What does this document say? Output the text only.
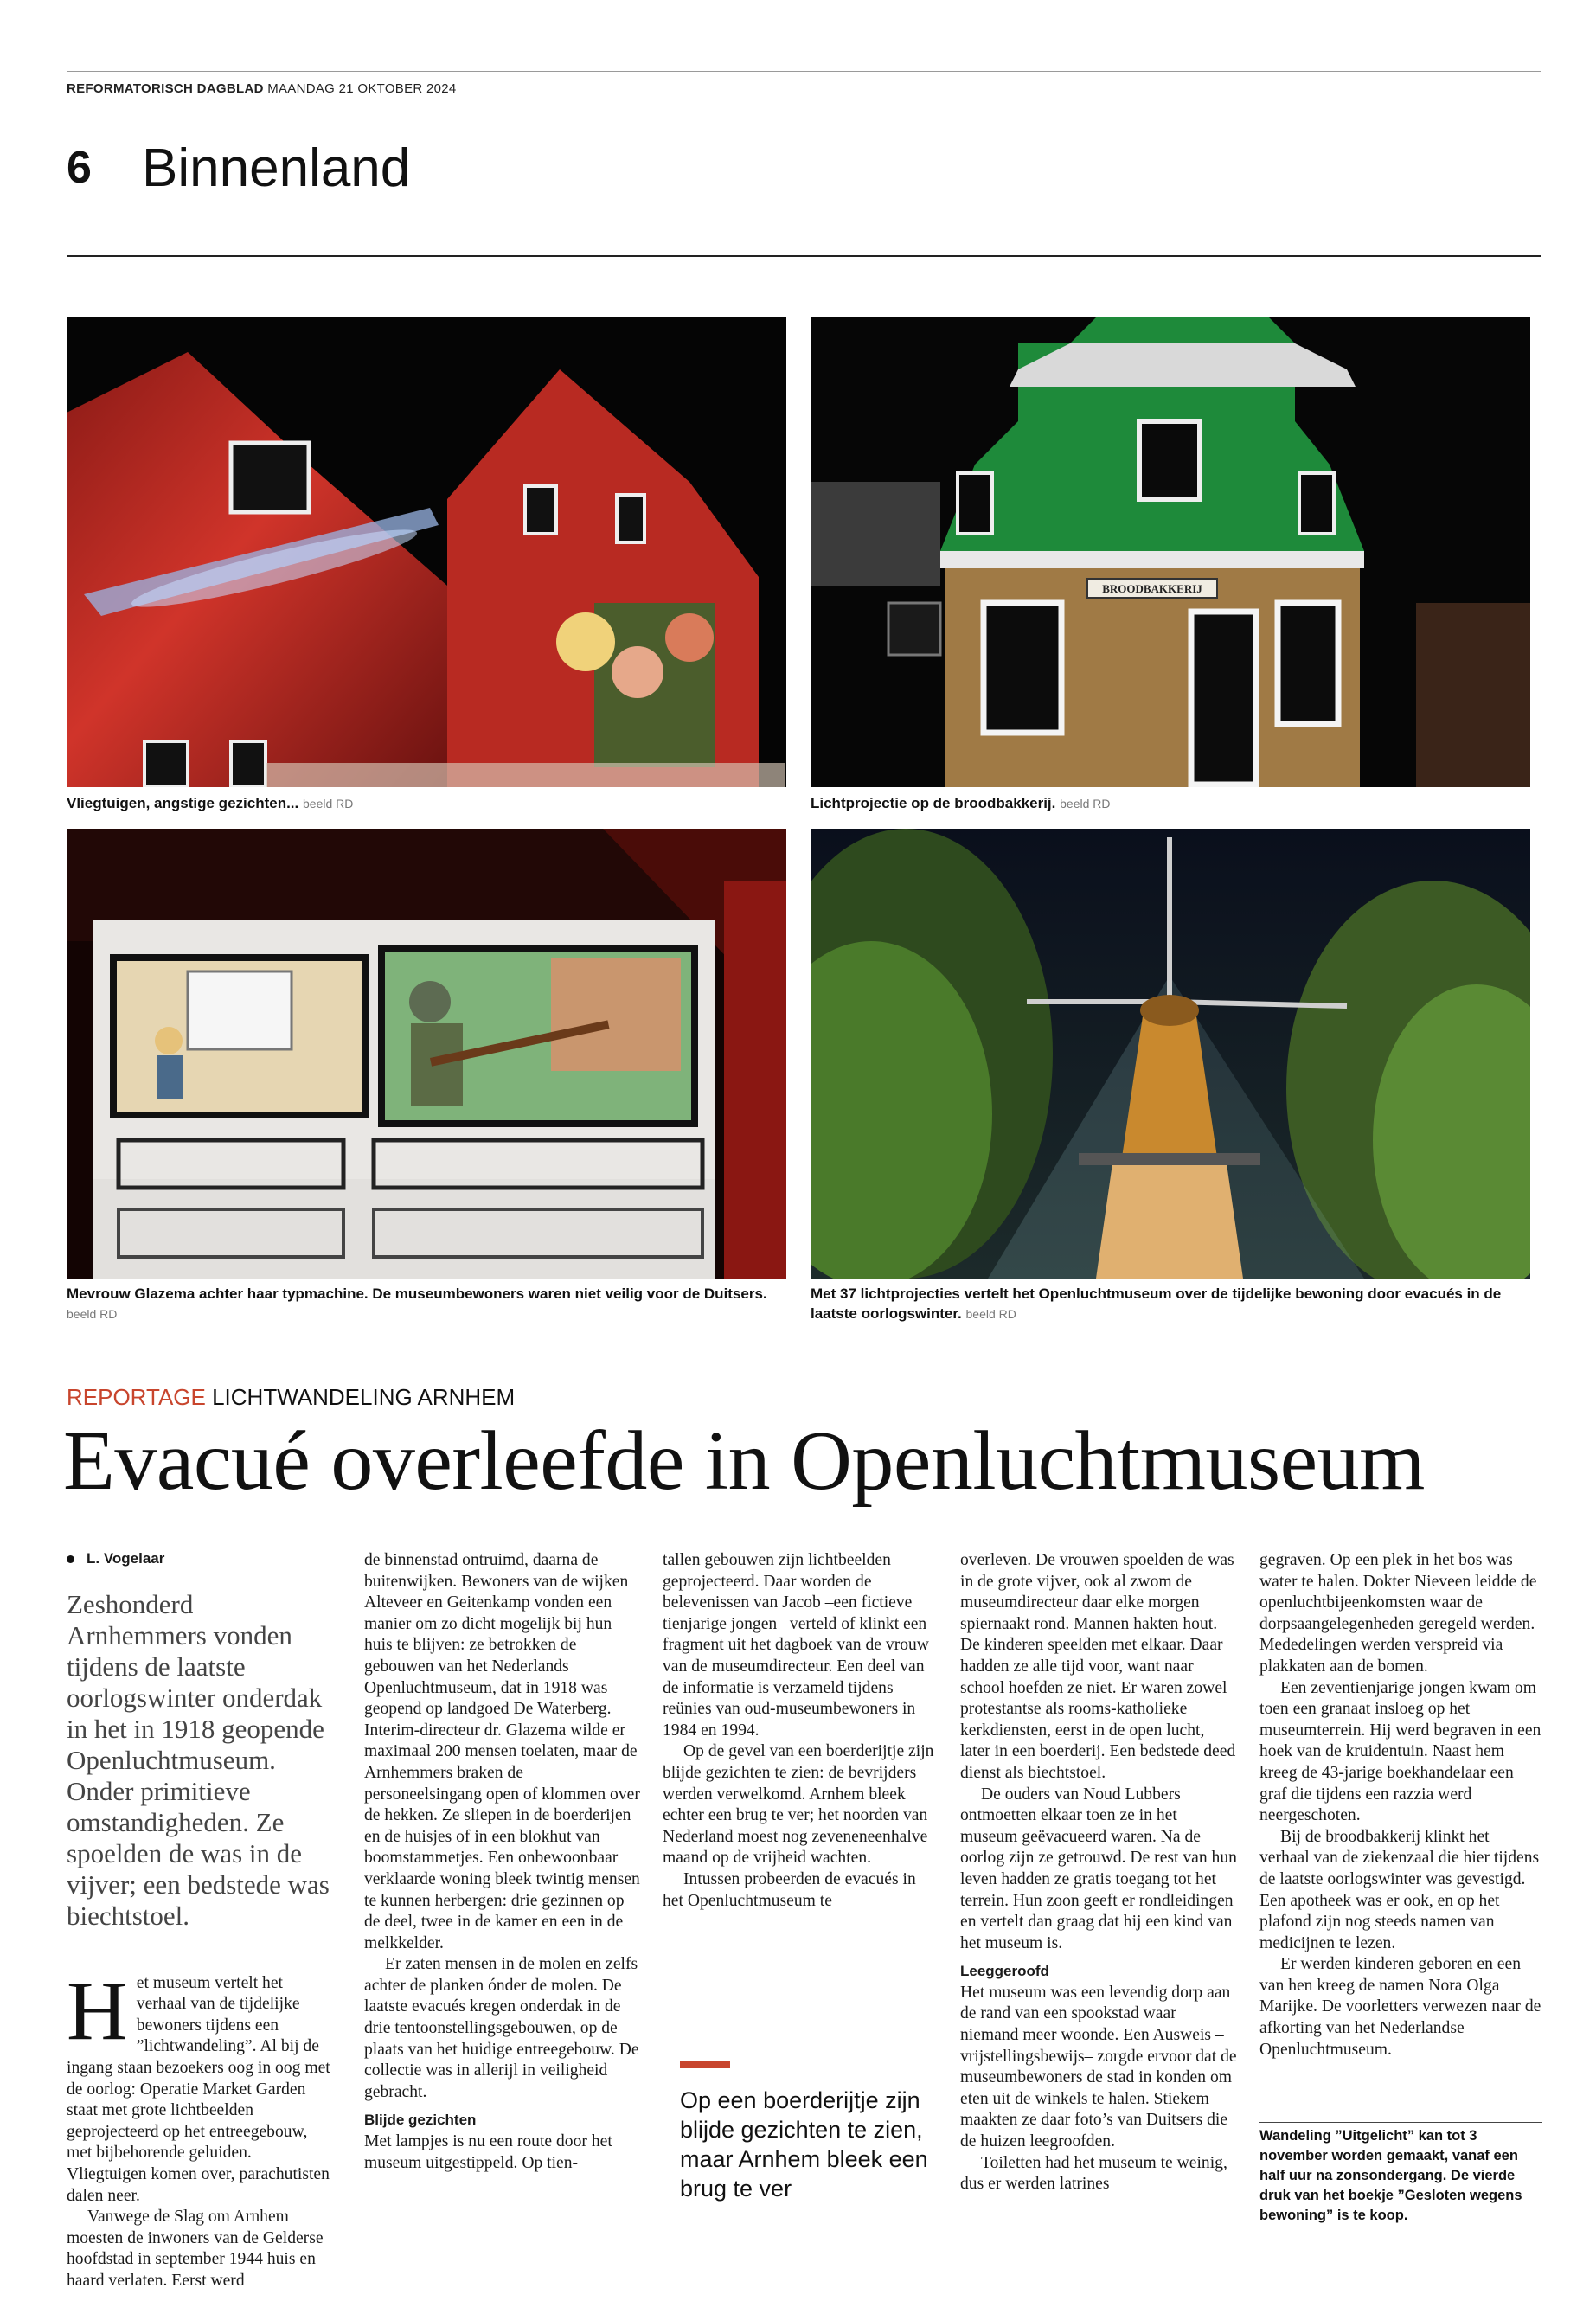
REFORMATORISCH DAGBLAD MAANDAG 21 OKTOBER 2024
6 Binnenland
Vliegtuigen, angstige gezichten... beeld RD
BROODBAKKERIJ
Lichtprojectie op de broodbakkerij. beeld RD
Mevrouw Glazema achter haar typmachine. De museumbewoners waren niet veilig voor de Duitsers. beeld RD
Met 37 lichtprojecties vertelt het Openluchtmuseum over de tijdelijke bewoning door evacués in de laatste oorlogswinter. beeld RD
REPORTAGE LICHTWANDELING ARNHEM
Evacué overleefde in Openluchtmuseum
L. Vogelaar
Zeshonderd Arnhemmers vonden tijdens de laatste oorlogswinter onderdak in het in 1918 geopende Openluchtmuseum. Onder primitieve omstandigheden. Ze spoelden de was in de vijver; een bedstede was biechtstoel.
H et museum vertelt het verhaal van de tijdelijke bewoners tijdens een ”lichtwandeling”. Al bij de ingang staan bezoekers oog in oog met de oorlog: Operatie Market Garden staat met grote lichtbeelden geprojecteerd op het entreegebouw, met bijbehorende geluiden. Vliegtuigen komen over, parachutisten dalen neer.

Vanwege de Slag om Arnhem moesten de inwoners van de Gelderse hoofdstad in september 1944 huis en haard verlaten. Eerst werd

de binnenstad ontruimd, daarna de buitenwijken. Bewoners van de wijken Alteveer en Geitenkamp vonden een manier om zo dicht mogelijk bij hun huis te blijven: ze betrokken de gebouwen van het Nederlands Openluchtmuseum, dat in 1918 was geopend op landgoed De Waterberg. Interim-directeur dr. Glazema wilde er maximaal 200 mensen toelaten, maar de Arnhemmers braken de personeelsingang open of klommen over de hekken. Ze sliepen in de boerderijen en de huisjes of in een blokhut van boomstammetjes. Een onbewoonbaar verklaarde woning bleek twintig mensen te kunnen herbergen: drie gezinnen op de deel, twee in de kamer en een in de melkkelder.

Er zaten mensen in de molen en zelfs achter de planken ónder de molen. De laatste evacués kregen onderdak in de drie tentoonstellingsgebouwen, op de plaats van het huidige entreegebouw. De collectie was in allerijl in veiligheid gebracht.

Blijde gezichten

Met lampjes is nu een route door het museum uitgestippeld. Op tien-

tallen gebouwen zijn lichtbeelden geprojecteerd. Daar worden de belevenissen van Jacob –een fictieve tienjarige jongen– verteld of klinkt een fragment uit het dagboek van de vrouw van de museumdirecteur. Een deel van de informatie is verzameld tijdens reünies van oud-museumbewoners in 1984 en 1994.

Op de gevel van een boerderijtje zijn blijde gezichten te zien: de bevrijders werden verwelkomd. Arnhem bleek echter een brug te ver; het noorden van Nederland moest nog zeveneneenhalve maand op de vrijheid wachten.

Intussen probeerden de evacués in het Openluchtmuseum te

Op een boerderijtje zijn blijde gezichten te zien, maar Arnhem bleek een brug te ver

overleven. De vrouwen spoelden de was in de grote vijver, ook al zwom de museumdirecteur daar elke morgen spiernaakt rond. Mannen hakten hout. De kinderen speelden met elkaar. Daar hadden ze alle tijd voor, want naar school hoefden ze niet. Er waren zowel protestantse als rooms-katholieke kerkdiensten, eerst in de open lucht, later in een boerderij. Een bedstede deed dienst als biechtstoel.

De ouders van Noud Lubbers ontmoetten elkaar toen ze in het museum geëvacueerd waren. Na de oorlog zijn ze getrouwd. De rest van hun leven hadden ze gratis toegang tot het terrein. Hun zoon geeft er rondleidingen en vertelt dan graag dat hij een kind van het museum is.

Leeggeroofd

Het museum was een levendig dorp aan de rand van een spookstad waar niemand meer woonde. Een Ausweis –vrijstellingsbewijs– zorgde ervoor dat de museumbewoners de stad in konden om eten uit de winkels te halen. Stiekem maakten ze daar foto’s van Duitsers die de huizen leegroofden.

Toiletten had het museum te weinig, dus er werden latrines

gegraven. Op een plek in het bos was water te halen. Dokter Nieveen leidde de openluchtbijeenkomsten waar de dorpsaangelegenheden geregeld werden. Mededelingen werden verspreid via plakkaten aan de bomen.

Een zeventienjarige jongen kwam om toen een granaat insloeg op het museumterrein. Hij werd begraven in een hoek van de kruidentuin. Naast hem kreeg de 43-jarige boekhandelaar een graf die tijdens een razzia werd neergeschoten.

Bij de broodbakkerij klinkt het verhaal van de ziekenzaal die hier tijdens de laatste oorlogswinter was gevestigd. Een apotheek was er ook, en op het plafond zijn nog steeds namen van medicijnen te lezen.

Er werden kinderen geboren en een van hen kreeg de namen Nora Olga Marijke. De voorletters verwezen naar de afkorting van het Nederlandse Openluchtmuseum.

Wandeling ”Uitgelicht” kan tot 3 november worden gemaakt, vanaf een half uur na zonsondergang. De vierde druk van het boekje ”Gesloten wegens bewoning” is te koop.
